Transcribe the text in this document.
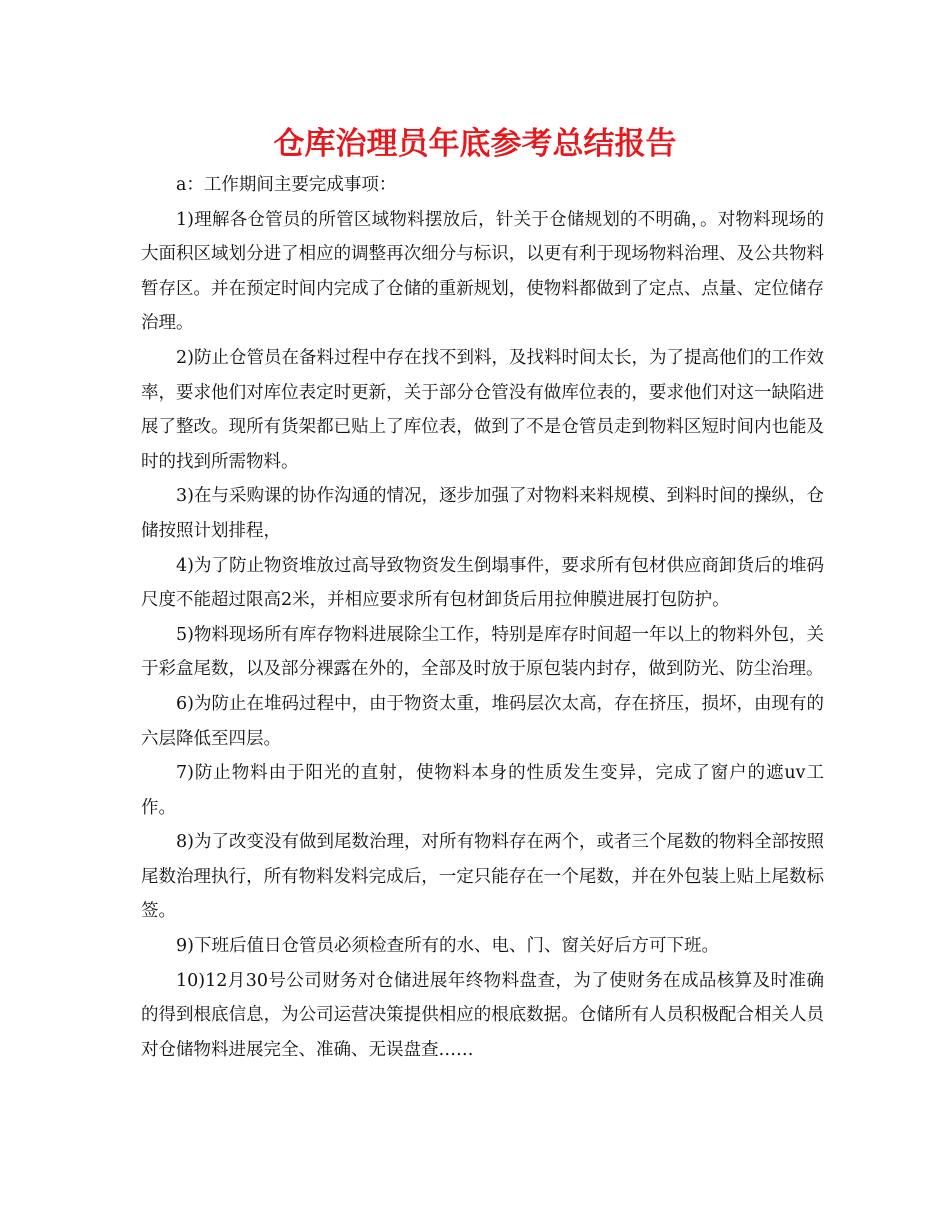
仓库治理员年底参考总结报告

a：工作期间主要完成事项：

1)理解各仓管员的所管区域物料摆放后，针关于仓储规划的不明确，。对物料现场的大面积区域划分进了相应的调整再次细分与标识，以更有利于现场物料治理、及公共物料暂存区。并在预定时间内完成了仓储的重新规划，使物料都做到了定点、点量、定位储存治理。

2)防止仓管员在备料过程中存在找不到料，及找料时间太长，为了提高他们的工作效率，要求他们对库位表定时更新，关于部分仓管没有做库位表的，要求他们对这一缺陷进展了整改。现所有货架都已贴上了库位表，做到了不是仓管员走到物料区短时间内也能及时的找到所需物料。

3)在与采购课的协作沟通的情况，逐步加强了对物料来料规模、到料时间的操纵，仓储按照计划排程，

4)为了防止物资堆放过高导致物资发生倒塌事件，要求所有包材供应商卸货后的堆码尺度不能超过限高2米，并相应要求所有包材卸货后用拉伸膜进展打包防护。

5)物料现场所有库存物料进展除尘工作，特别是库存时间超一年以上的物料外包，关于彩盒尾数，以及部分裸露在外的，全部及时放于原包装内封存，做到防光、防尘治理。

6)为防止在堆码过程中，由于物资太重，堆码层次太高，存在挤压，损坏，由现有的六层降低至四层。

7)防止物料由于阳光的直射，使物料本身的性质发生变异，完成了窗户的遮uv工作。

8)为了改变没有做到尾数治理，对所有物料存在两个，或者三个尾数的物料全部按照尾数治理执行，所有物料发料完成后，一定只能存在一个尾数，并在外包装上贴上尾数标签。

9)下班后值日仓管员必须检查所有的水、电、门、窗关好后方可下班。

10)12月30号公司财务对仓储进展年终物料盘查，为了使财务在成品核算及时准确的得到根底信息，为公司运营决策提供相应的根底数据。仓储所有人员积极配合相关人员对仓储物料进展完全、准确、无误盘查……
